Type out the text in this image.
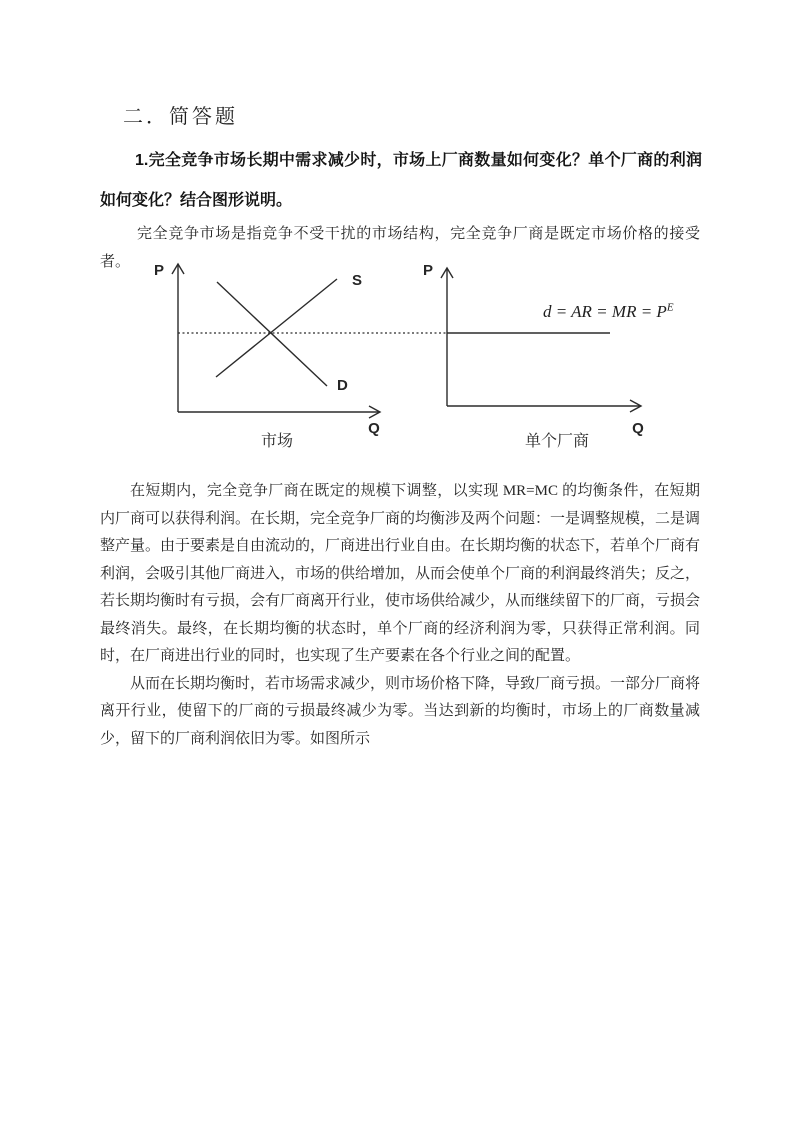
二．简答题
1.完全竞争市场长期中需求减少时，市场上厂商数量如何变化？单个厂商的利润如何变化？结合图形说明。
完全竞争市场是指竞争不受干扰的市场结构，完全竞争厂商是既定市场价格的接受者。	P
Q
S
D
市场
P
Q
单个厂商
d = AR = MR = $P^E$

在短期内，完全竞争厂商在既定的规模下调整，以实现 MR=MC 的均衡条件，在短期内厂商可以获得利润。在长期，完全竞争厂商的均衡涉及两个问题：一是调整规模，二是调整产量。由于要素是自由流动的，厂商进出行业自由。在长期均衡的状态下，若单个厂商有利润，会吸引其他厂商进入，市场的供给增加，从而会使单个厂商的利润最终消失；反之，若长期均衡时有亏损，会有厂商离开行业，使市场供给减少，从而继续留下的厂商，亏损会最终消失。最终，在长期均衡的状态时，单个厂商的经济利润为零，只获得正常利润。同时，在厂商进出行业的同时，也实现了生产要素在各个行业之间的配置。

从而在长期均衡时，若市场需求减少，则市场价格下降，导致厂商亏损。一部分厂商将离开行业，使留下的厂商的亏损最终减少为零。当达到新的均衡时，市场上的厂商数量减少，留下的厂商利润依旧为零。如图所示
